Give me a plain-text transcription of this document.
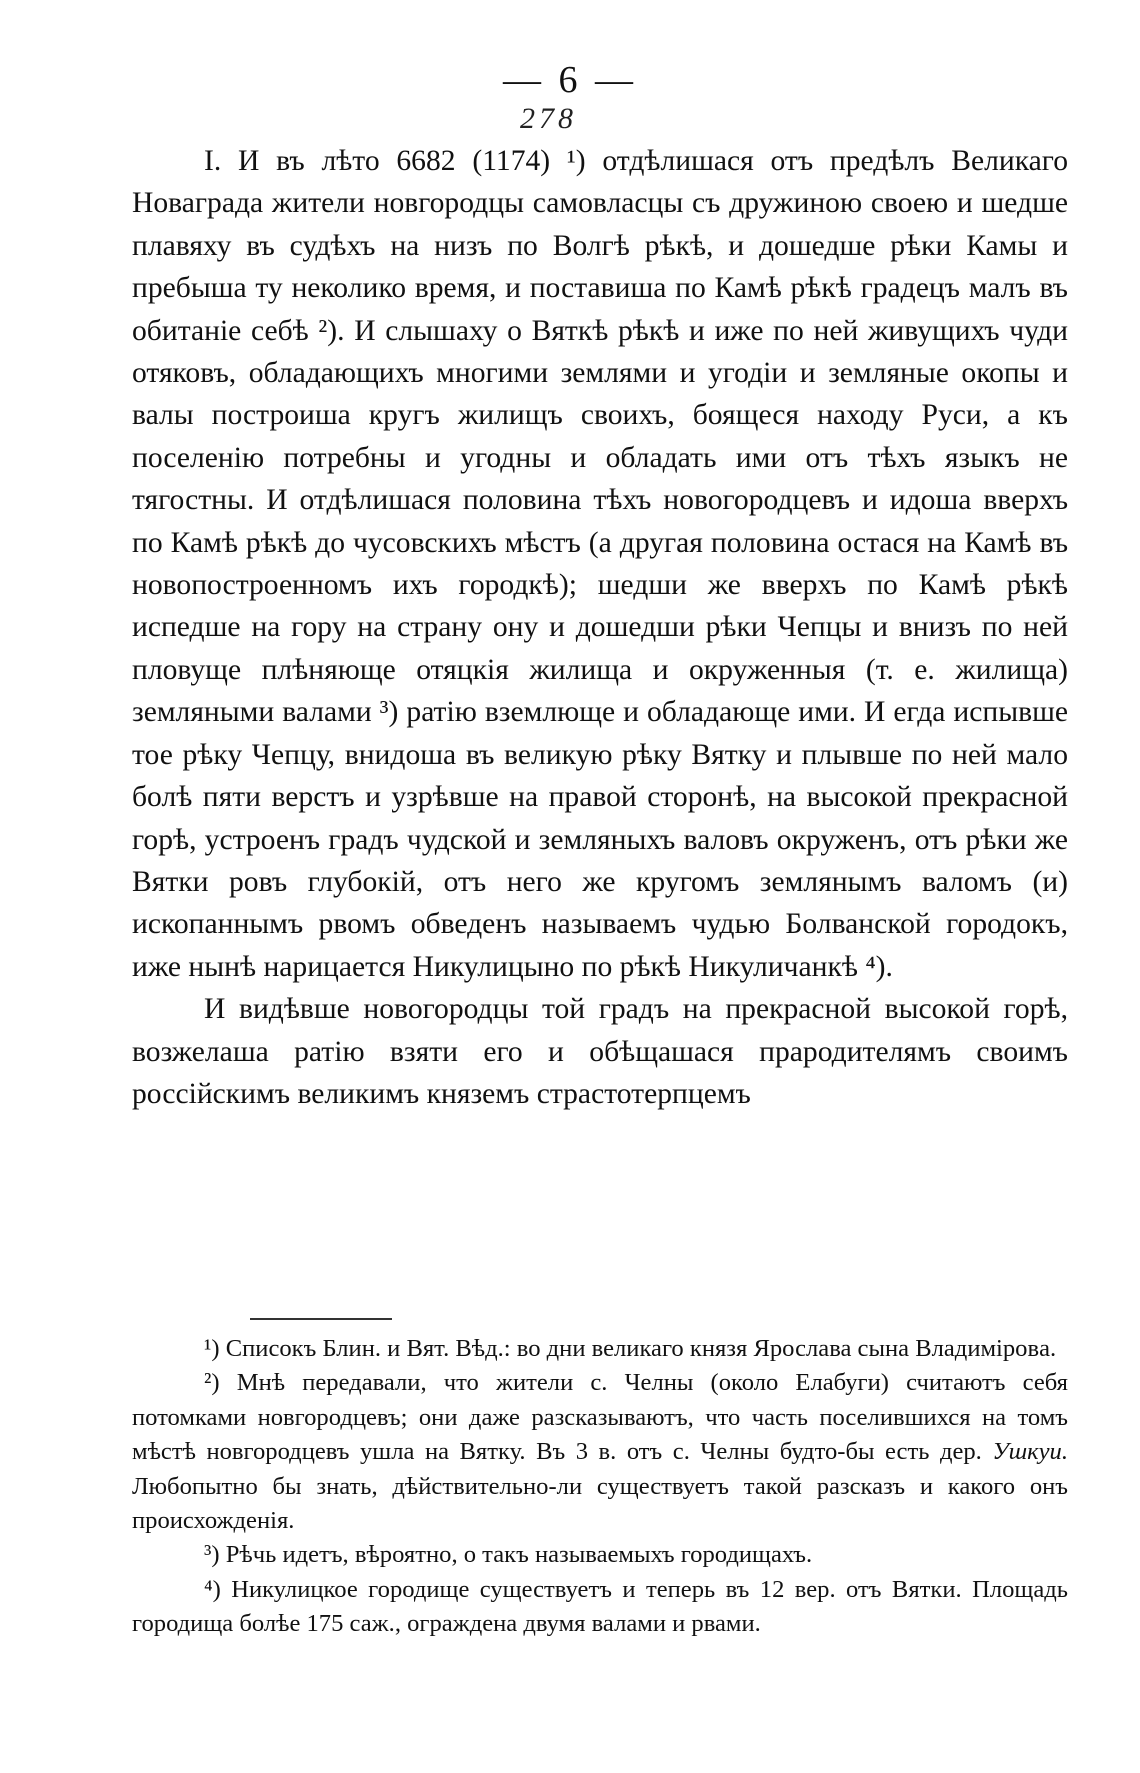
— 6 —
278

I. И въ лѣто 6682 (1174) ¹) отдѣлишася отъ предѣлъ Великаго Новаграда жители новгородцы самовласцы съ дружиною своею и шедше плавяху въ судѣхъ на низъ по Волгѣ рѣкѣ, и дошедше рѣки Камы и пребыша ту неколико время, и поставиша по Камѣ рѣкѣ градецъ малъ въ обитаніе себѣ ²). И слышаху о Вяткѣ рѣкѣ и иже по ней живущихъ чуди отяковъ, обладающихъ многими землями и угодіи и земляные окопы и валы построиша кругъ жилищъ своихъ, боящеся находу Руси, а къ поселенію потребны и угодны и обладать ими отъ тѣхъ языкъ не тягостны. И отдѣлишася половина тѣхъ новогородцевъ и идоша вверхъ по Камѣ рѣкѣ до чусовскихъ мѣстъ (а другая половина остася на Камѣ въ новопостроенномъ ихъ городкѣ); шедши же вверхъ по Камѣ рѣкѣ испедше на гору на страну ону и дошедши рѣки Чепцы и внизъ по ней пловуще плѣняюще отяцкія жилища и окруженныя (т. е. жилища) земляными валами ³) ратію вземлюще и обладающе ими. И егда испывше тое рѣку Чепцу, внидоша въ великую рѣку Вятку и плывше по ней мало болѣ пяти верстъ и узрѣвше на правой сторонѣ, на высокой прекрасной горѣ, устроенъ градъ чудской и земляныхъ валовъ окруженъ, отъ рѣки же Вятки ровъ глубокій, отъ него же кругомъ землянымъ валомъ (и) ископаннымъ рвомъ обведенъ называемъ чудью Болванской городокъ, иже нынѣ нарицается Никулицыно по рѣкѣ Никуличанкѣ ⁴).

И видѣвше новогородцы той градъ на прекрасной высокой горѣ, возжелаша ратію взяти его и обѣщашася прародителямъ своимъ россійскимъ великимъ княземъ страстотерпцемъ

¹) Списокъ Блин. и Вят. Вѣд.: во дни великаго князя Ярослава сына Владиміровa.

²) Мнѣ передавали, что жители с. Челны (около Елабуги) считаютъ себя потомками новгородцевъ; они даже разсказываютъ, что часть поселившихся на томъ мѣстѣ новгородцевъ ушла на Вятку. Въ 3 в. отъ с. Челны будто-бы есть дер. Ушкуи. Любопытно бы знать, дѣйствительно-ли существуетъ такой разсказъ и какого онъ происхожденія.

³) Рѣчь идетъ, вѣроятно, о такъ называемыхъ городищахъ.

⁴) Никулицкое городище существуетъ и теперь въ 12 вер. отъ Вятки. Площадь городища болѣе 175 саж., ограждена двумя валами и рвами.
